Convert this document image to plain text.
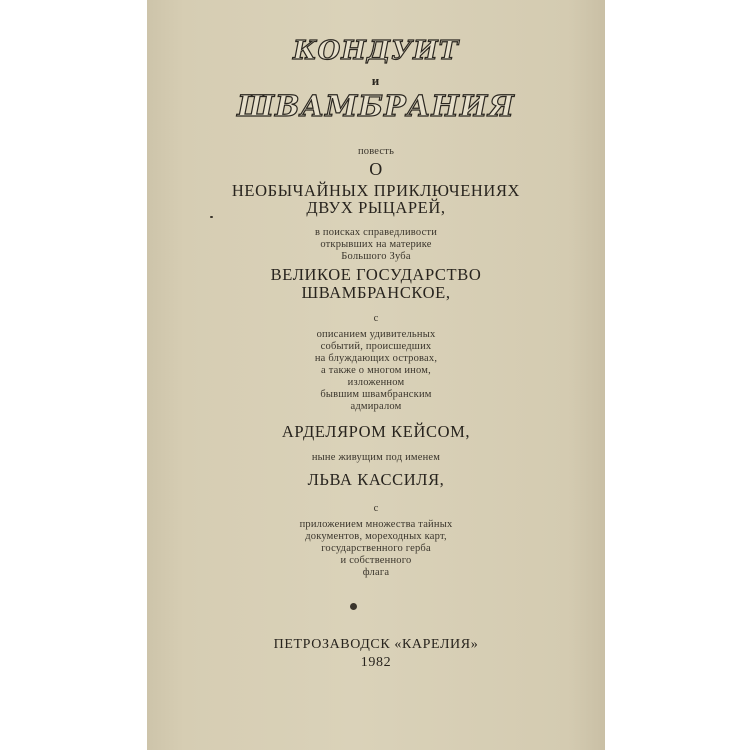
КОНДУИТ
и
ШВАМБРАНИЯ
повесть
О
НЕОБЫЧАЙНЫХ ПРИКЛЮЧЕНИЯХ
ДВУХ РЫЦАРЕЙ,
в поисках справедливости
открывших на материке
Большого Зуба
ВЕЛИКОЕ ГОСУДАРСТВО
ШВАМБРАНСКОЕ,
с
описанием удивительных
событий, происшедших
на блуждающих островах,
а также о многом ином,
изложенном
бывшим швамбранским
адмиралом
АРДЕЛЯРОМ КЕЙСОМ,
ныне живущим под именем
ЛЬВА КАССИЛЯ,
с
приложением множества тайных
документов, мореходных карт,
государственного герба
и собственного
флага
ПЕТРОЗАВОДСК «КАРЕЛИЯ»
1982
